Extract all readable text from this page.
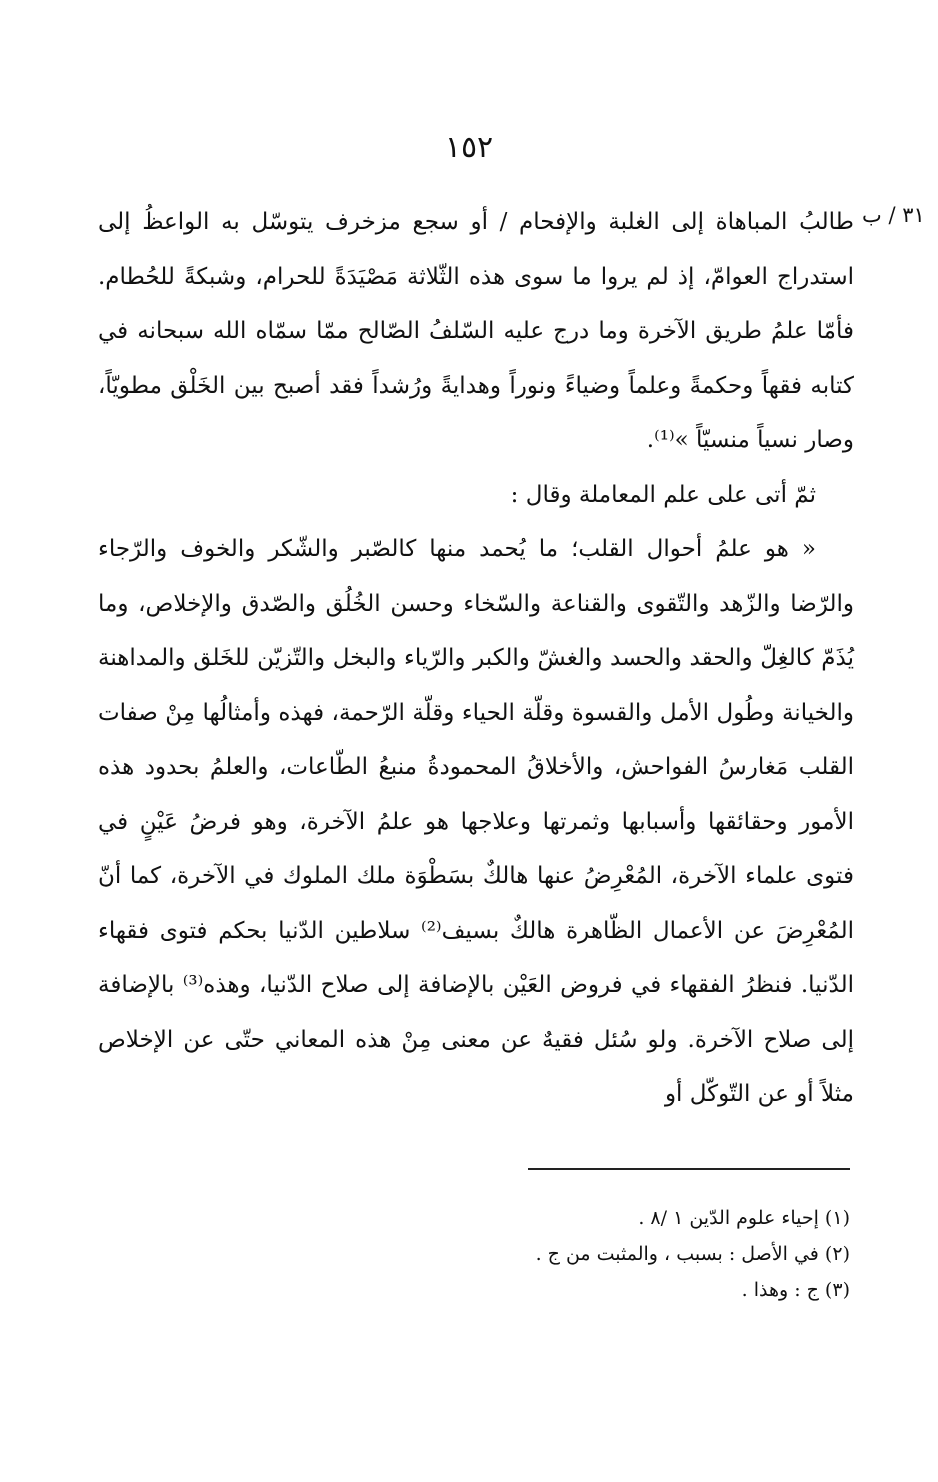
١٥٢
٣١ / ب

طالبُ المباهاة إلى الغلبة والإفحام / أو سجع مزخرف يتوسّل به الواعظُ إلى استدراج العوامّ، إذ لم يروا ما سوى هذه الثّلاثة مَصْيَدَةً للحرام، وشبكةً للحُطام. فأمّا علمُ طريق الآخرة وما درج عليه السّلفُ الصّالح ممّا سمّاه الله سبحانه في كتابه فقهاً وحكمةً وعلماً وضياءً ونوراً وهدايةً ورُشداً فقد أصبح بين الخَلْق مطويّاً، وصار نسياً منسيّاً »⁽¹⁾.

ثمّ أتى على علم المعاملة وقال :

« هو علمُ أحوال القلب؛ ما يُحمد منها كالصّبر والشّكر والخوف والرّجاء والرّضا والزّهد والتّقوى والقناعة والسّخاء وحسن الخُلُق والصّدق والإخلاص، وما يُذَمّ كالغِلّ والحقد والحسد والغشّ والكبر والرّياء والبخل والتّزيّن للخَلق والمداهنة والخيانة وطُول الأمل والقسوة وقلّة الحياء وقلّة الرّحمة، فهذه وأمثالُها مِنْ صفات القلب مَغارسُ الفواحش، والأخلاقُ المحمودةُ منبعُ الطّاعات، والعلمُ بحدود هذه الأمور وحقائقها وأسبابها وثمرتها وعلاجها هو علمُ الآخرة، وهو فرضُ عَيْنٍ في فتوى علماء الآخرة، المُعْرِضُ عنها هالكٌ بسَطْوَة ملك الملوك في الآخرة، كما أنّ المُعْرِضَ عن الأعمال الظّاهرة هالكٌ بسيف⁽²⁾ سلاطين الدّنيا بحكم فتوى فقهاء الدّنيا. فنظرُ الفقهاء في فروض العَيْن بالإضافة إلى صلاح الدّنيا، وهذه⁽³⁾ بالإضافة إلى صلاح الآخرة. ولو سُئل فقيهٌ عن معنى مِنْ هذه المعاني حتّى عن الإخلاص مثلاً أو عن التّوكّل أو

(١) إحياء علوم الدّين ١ /٨ .

(٢) في الأصل : بسبب ، والمثبت من ج .

(٣) ج : وهذا .
